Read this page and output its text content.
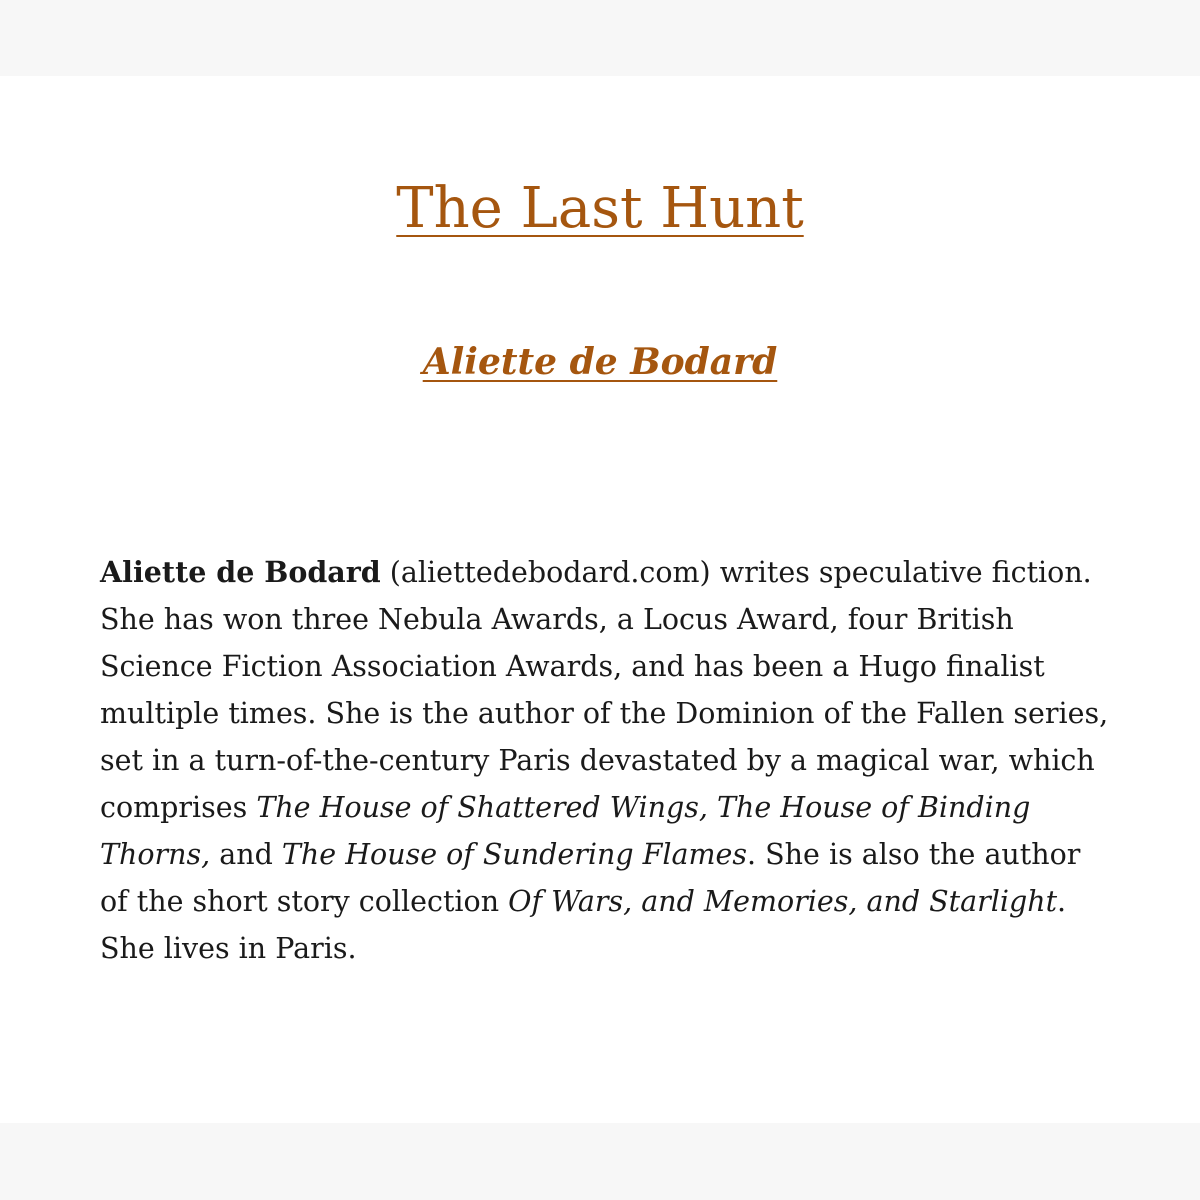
The Last Hunt
Aliette de Bodard

Aliette de Bodard (aliettedebodard.com) writes speculative fiction. She has won three Nebula Awards, a Locus Award, four British Science Fiction Association Awards, and has been a Hugo finalist multiple times. She is the author of the Dominion of the Fallen series, set in a turn-of-the-century Paris devastated by a magical war, which comprises The House of Shattered Wings, The House of Binding Thorns, and The House of Sundering Flames. She is also the author of the short story collection Of Wars, and Memories, and Starlight. She lives in Paris.
